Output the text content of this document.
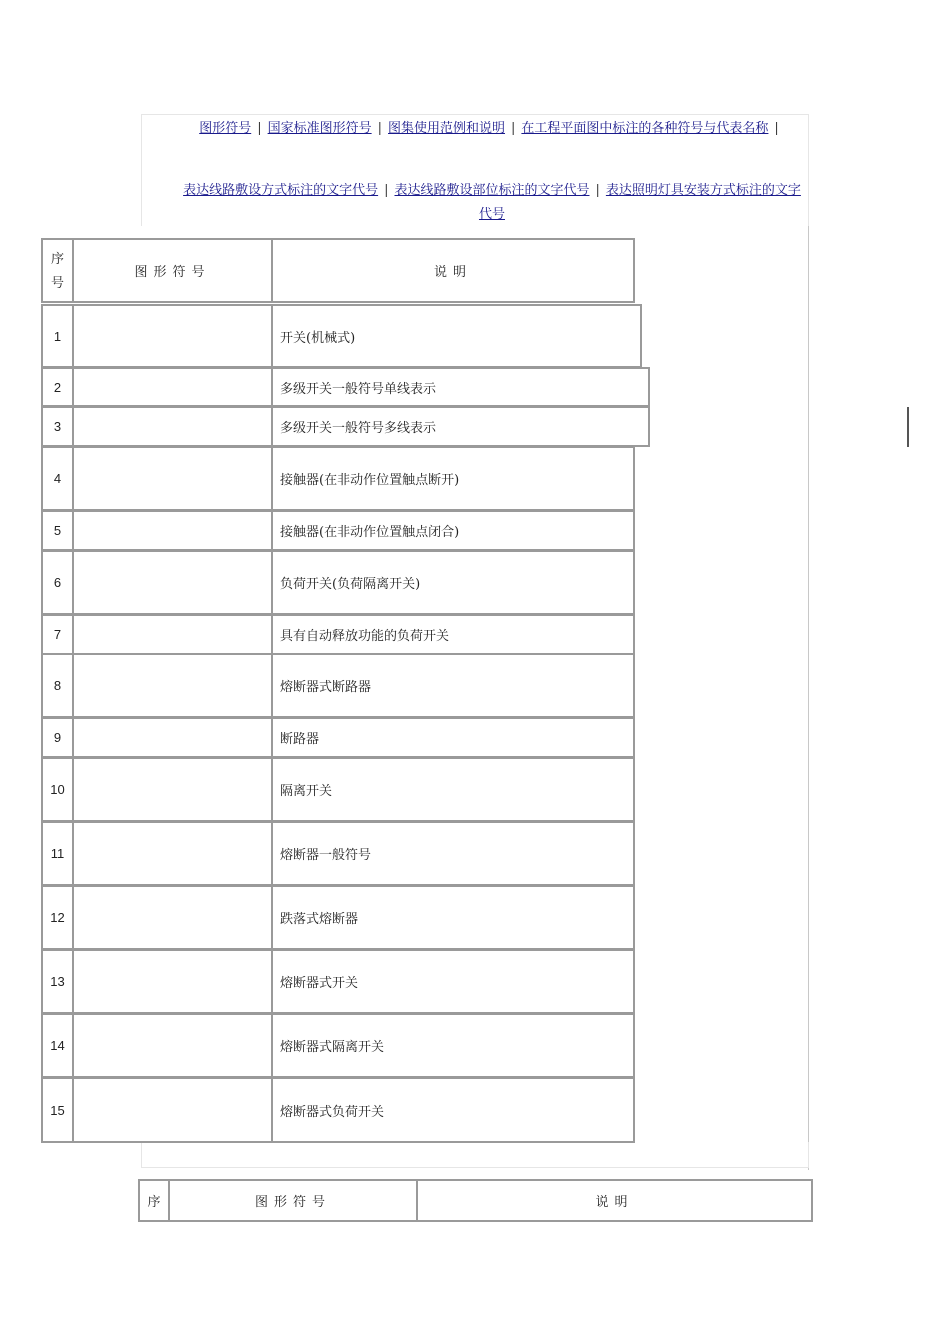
图形符号 | 国家标准图形符号 | 图集使用范例和说明 | 在工程平面图中标注的各种符号与代表名称 |
表达线路敷设方式标注的文字代号 | 表达线路敷设部位标注的文字代号 | 表达照明灯具安装方式标注的文字代号
序
号
图形符号	说明
1	开关(机械式)
2	多级开关一般符号单线表示
3	多级开关一般符号多线表示
4	接触器(在非动作位置触点断开)
5	接触器(在非动作位置触点闭合)
6	负荷开关(负荷隔离开关)
7	具有自动释放功能的负荷开关
8	熔断器式断路器
9	断路器
10	隔离开关
11	熔断器一般符号
12	跌落式熔断器
13	熔断器式开关
14	熔断器式隔离开关
15	熔断器式负荷开关
序	图形符号	说明
